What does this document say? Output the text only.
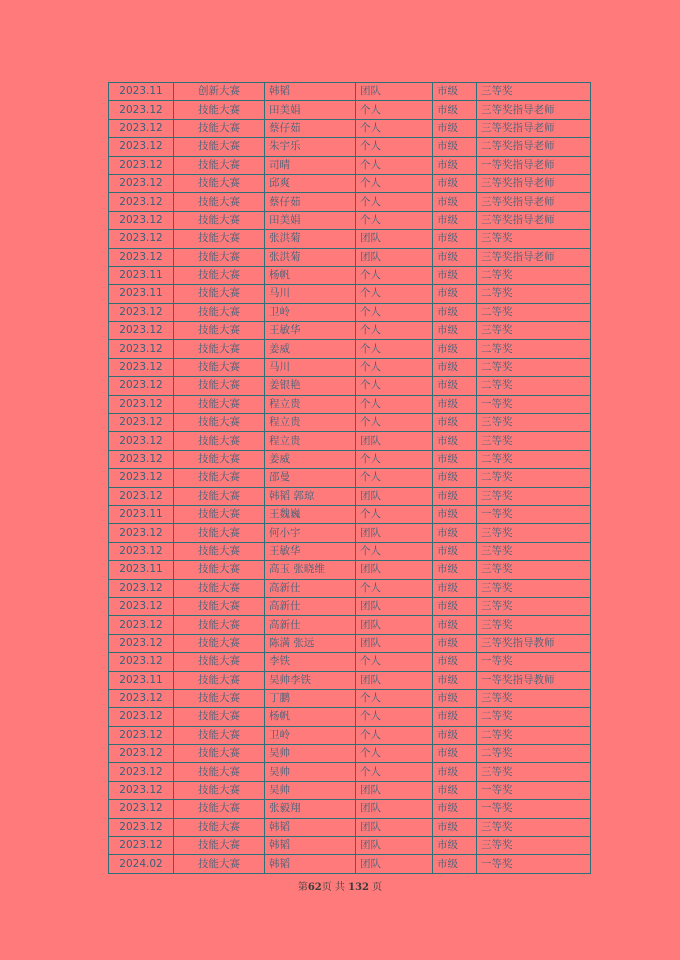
2023.11	创新大赛	韩韬	团队	市级	三等奖
2023.12	技能大赛	田美娟	个人	市级	三等奖指导老师
2023.12	技能大赛	蔡仔茹	个人	市级	三等奖指导老师
2023.12	技能大赛	朱宇乐	个人	市级	二等奖指导老师
2023.12	技能大赛	司晴	个人	市级	一等奖指导老师
2023.12	技能大赛	邱爽	个人	市级	三等奖指导老师
2023.12	技能大赛	蔡仔茹	个人	市级	三等奖指导老师
2023.12	技能大赛	田美娟	个人	市级	三等奖指导老师
2023.12	技能大赛	张洪菊	团队	市级	三等奖
2023.12	技能大赛	张洪菊	团队	市级	三等奖指导老师
2023.11	技能大赛	杨帆	个人	市级	二等奖
2023.11	技能大赛	马川	个人	市级	二等奖
2023.12	技能大赛	卫岭	个人	市级	二等奖
2023.12	技能大赛	王敏华	个人	市级	三等奖
2023.12	技能大赛	姜威	个人	市级	二等奖
2023.12	技能大赛	马川	个人	市级	二等奖
2023.12	技能大赛	姜银艳	个人	市级	二等奖
2023.12	技能大赛	程立贵	个人	市级	一等奖
2023.12	技能大赛	程立贵	个人	市级	三等奖
2023.12	技能大赛	程立贵	团队	市级	三等奖
2023.12	技能大赛	姜威	个人	市级	二等奖
2023.12	技能大赛	邵曼	个人	市级	二等奖
2023.12	技能大赛	韩韬 郭琼	团队	市级	三等奖
2023.11	技能大赛	王魏巍	个人	市级	一等奖
2023.12	技能大赛	何小宇	团队	市级	三等奖
2023.12	技能大赛	王敏华	个人	市级	三等奖
2023.11	技能大赛	高玉 张晓维	团队	市级	三等奖
2023.12	技能大赛	高新仕	个人	市级	三等奖
2023.12	技能大赛	高新仕	团队	市级	三等奖
2023.12	技能大赛	高新仕	团队	市级	三等奖
2023.12	技能大赛	陈满 张远	团队	市级	三等奖指导教师
2023.12	技能大赛	李铁	个人	市级	一等奖
2023.11	技能大赛	吴帅李铁	团队	市级	一等奖指导教师
2023.12	技能大赛	丁鹏	个人	市级	三等奖
2023.12	技能大赛	杨帆	个人	市级	二等奖
2023.12	技能大赛	卫岭	个人	市级	二等奖
2023.12	技能大赛	吴帅	个人	市级	二等奖
2023.12	技能大赛	吴帅	个人	市级	三等奖
2023.12	技能大赛	吴帅	团队	市级	一等奖
2023.12	技能大赛	张毅翔	团队	市级	一等奖
2023.12	技能大赛	韩韬	团队	市级	三等奖
2023.12	技能大赛	韩韬	团队	市级	三等奖
2024.02	技能大赛	韩韬	团队	市级	一等奖
第62页 共 132 页
